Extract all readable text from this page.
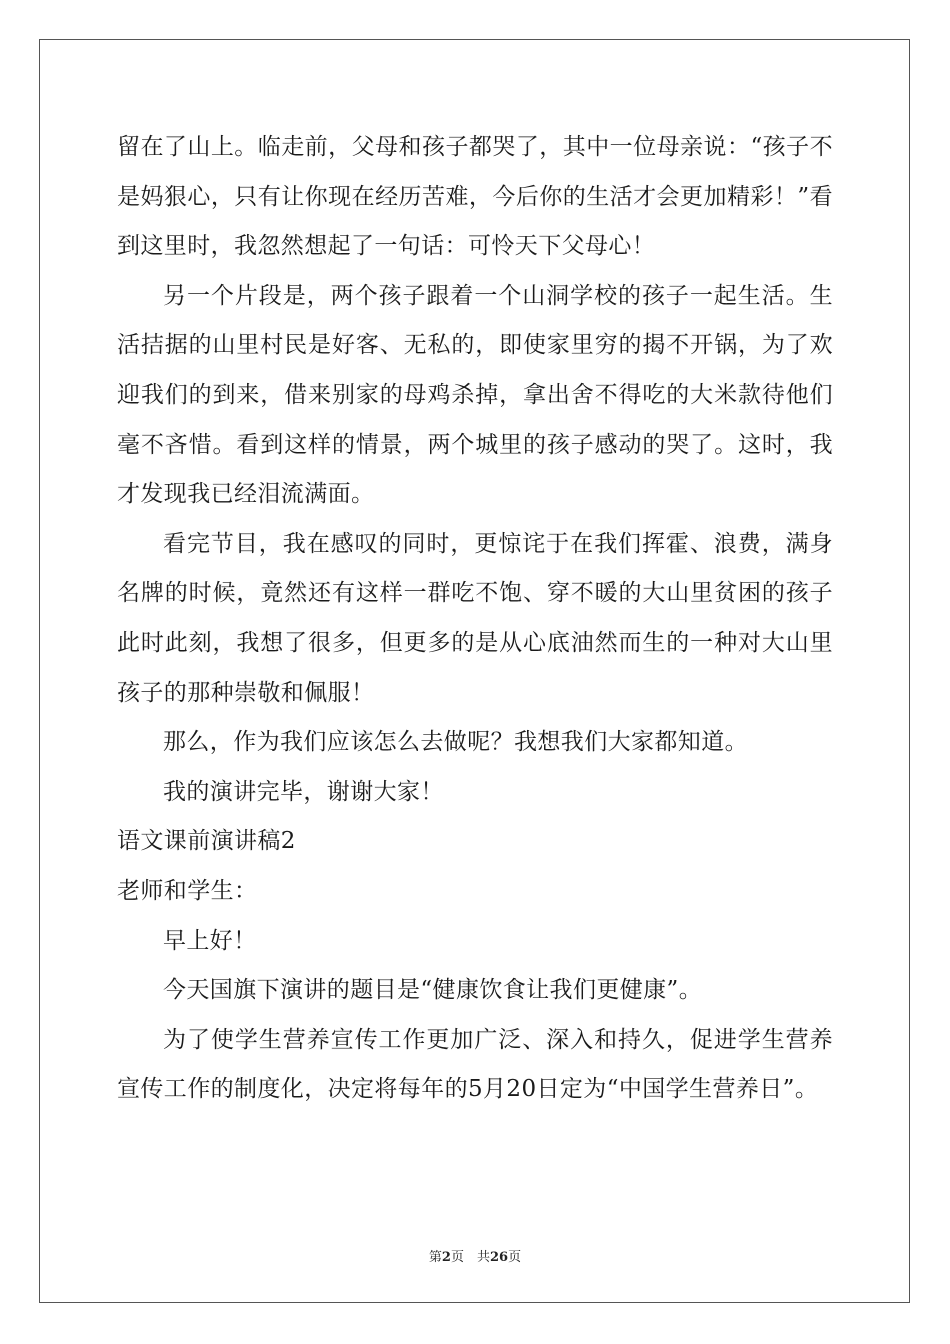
留在了山上。临走前，父母和孩子都哭了，其中一位母亲说：“孩子不是妈狠心，只有让你现在经历苦难，今后你的生活才会更加精彩！”看到这里时，我忽然想起了一句话：可怜天下父母心！

另一个片段是，两个孩子跟着一个山洞学校的孩子一起生活。生活拮据的山里村民是好客、无私的，即使家里穷的揭不开锅，为了欢迎我们的到来，借来别家的母鸡杀掉，拿出舍不得吃的大米款待他们毫不吝惜。看到这样的情景，两个城里的孩子感动的哭了。这时，我才发现我已经泪流满面。

看完节目，我在感叹的同时，更惊诧于在我们挥霍、浪费，满身名牌的时候，竟然还有这样一群吃不饱、穿不暖的大山里贫困的孩子此时此刻，我想了很多，但更多的是从心底油然而生的一种对大山里孩子的那种崇敬和佩服！

那么，作为我们应该怎么去做呢？我想我们大家都知道。

我的演讲完毕，谢谢大家！

语文课前演讲稿2

老师和学生：

早上好！

今天国旗下演讲的题目是“健康饮食让我们更健康”。

为了使学生营养宣传工作更加广泛、深入和持久，促进学生营养宣传工作的制度化，决定将每年的5月20日定为“中国学生营养日”。

第2页　共26页
